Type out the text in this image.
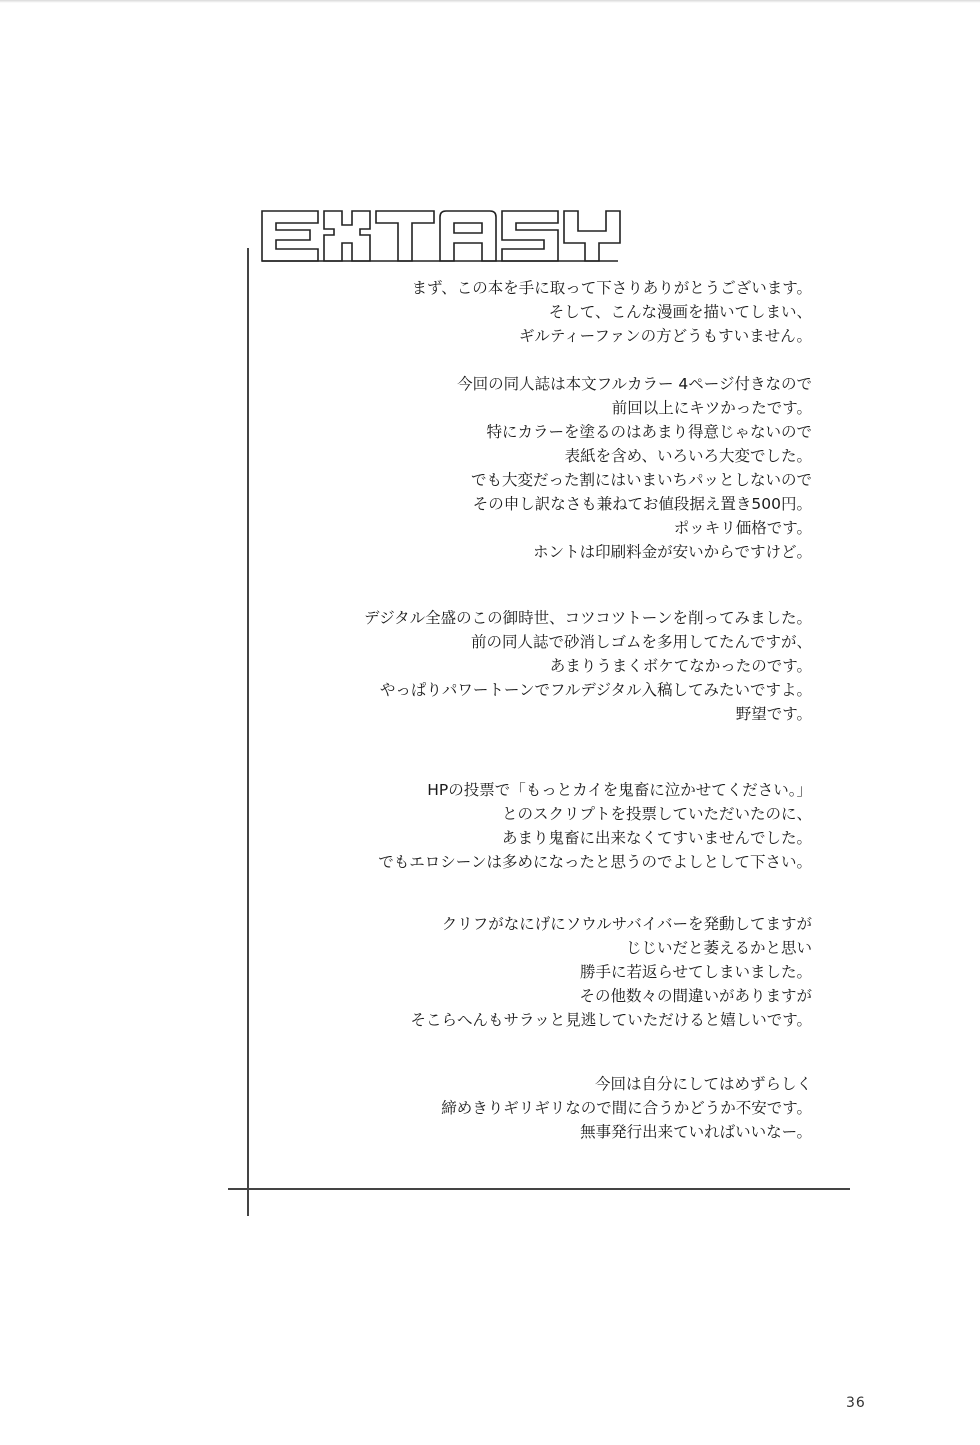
まず、この本を手に取って下さりありがとうございます。
そして、こんな漫画を描いてしまい、
ギルティーファンの方どうもすいません。
今回の同人誌は本文フルカラー 4ページ付きなので
前回以上にキツかったです。
特にカラーを塗るのはあまり得意じゃないので
表紙を含め、いろいろ大変でした。
でも大変だった割にはいまいちパッとしないので
その申し訳なさも兼ねてお値段据え置き500円。
ポッキリ価格です。
ホントは印刷料金が安いからですけど。
デジタル全盛のこの御時世、コツコツトーンを削ってみました。
前の同人誌で砂消しゴムを多用してたんですが、
あまりうまくボケてなかったのです。
やっぱりパワートーンでフルデジタル入稿してみたいですよ。
野望です。
HPの投票で「もっとカイを鬼畜に泣かせてください。」
とのスクリプトを投票していただいたのに、
あまり鬼畜に出来なくてすいませんでした。
でもエロシーンは多めになったと思うのでよしとして下さい。
クリフがなにげにソウルサバイバーを発動してますが
じじいだと萎えるかと思い
勝手に若返らせてしまいました。
その他数々の間違いがありますが
そこらへんもサラッと見逃していただけると嬉しいです。
今回は自分にしてはめずらしく
締めきりギリギリなので間に合うかどうか不安です。
無事発行出来ていればいいなー。
36
